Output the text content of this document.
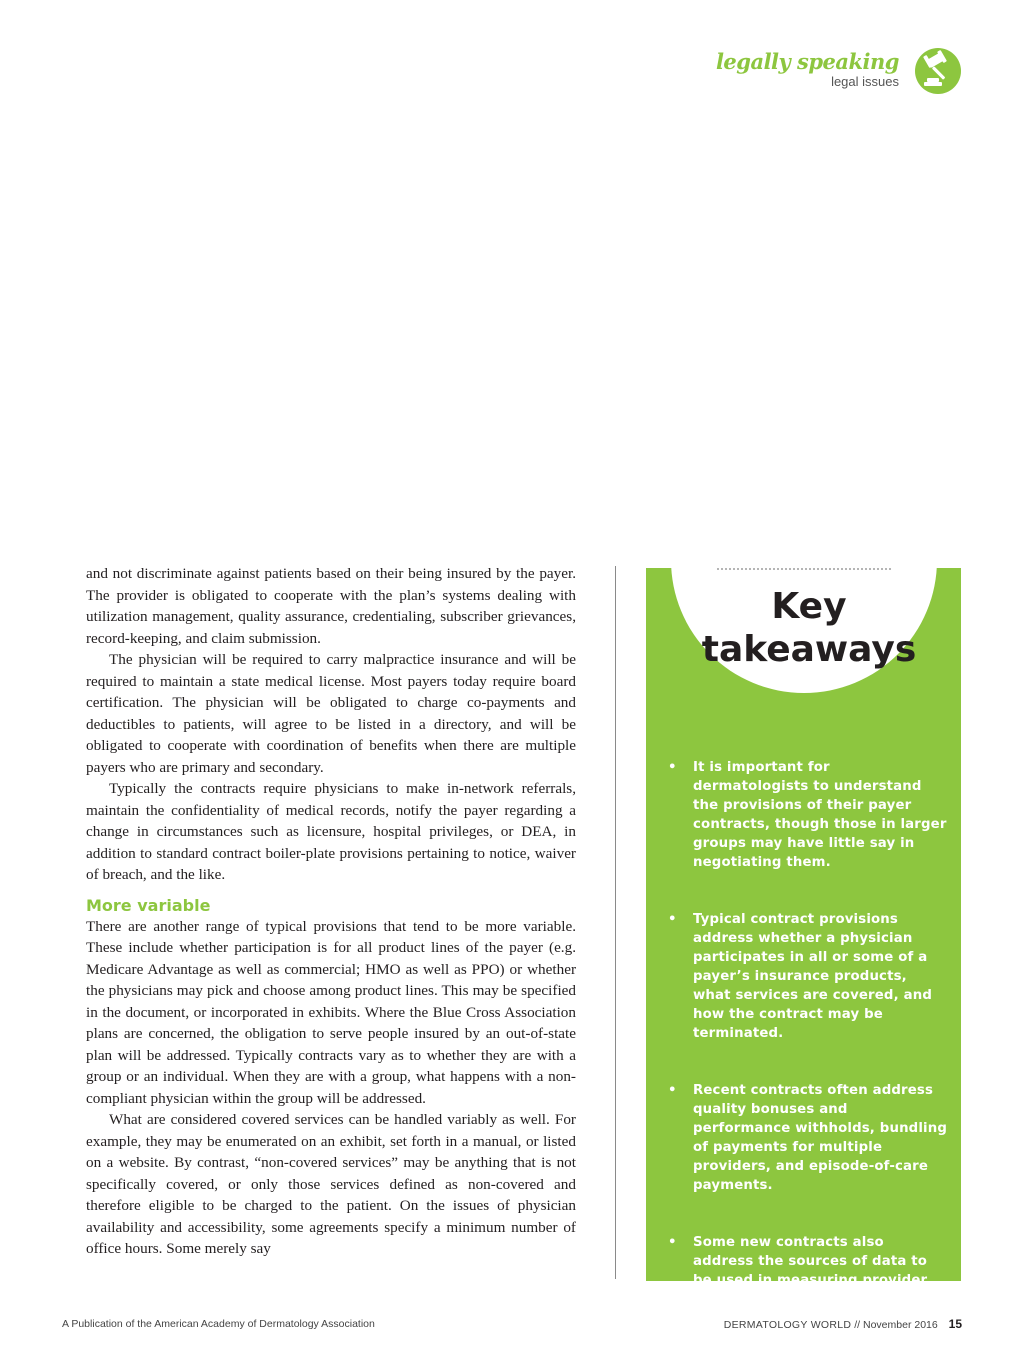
legally speaking
legal issues

and not discriminate against patients based on their being insured by the payer. The provider is obligated to cooperate with the plan’s systems dealing with utilization management, quality assurance, credentialing, subscriber grievances, record-keeping, and claim submission.

The physician will be required to carry malpractice insurance and will be required to maintain a state medical license. Most payers today require board certification. The physician will be obligated to charge co-payments and deductibles to patients, will agree to be listed in a directory, and will be obligated to cooperate with coordination of benefits when there are multiple payers who are primary and secondary.

Typically the contracts require physicians to make in-network referrals, maintain the confidentiality of medical records, notify the payer regarding a change in circumstances such as licensure, hospital privileges, or DEA, in addition to standard contract boiler-plate provisions pertaining to notice, waiver of breach, and the like.

More variable

There are another range of typical provisions that tend to be more variable. These include whether participation is for all product lines of the payer (e.g. Medicare Advantage as well as commercial; HMO as well as PPO) or whether the physicians may pick and choose among product lines. This may be specified in the document, or incorporated in exhibits. Where the Blue Cross Association plans are concerned, the obligation to serve people insured by an out-of-state plan will be addressed. Typically contracts vary as to whether they are with a group or an individual. When they are with a group, what happens with a non-compliant physician within the group will be addressed.

What are considered covered services can be handled variably as well. For example, they may be enumerated on an exhibit, set forth in a manual, or listed on a website. By contrast, “non-covered services” may be anything that is not specifically covered, or only those services defined as non-covered and therefore eligible to be charged to the patient. On the issues of physician availability and accessibility, some agreements specify a minimum number of office hours. Some merely say

Key
takeaways
• It is important for dermatologists to understand the provisions of their payer contracts, though those in larger groups may have little say in negotiating them.
• Typical contract provisions address whether a physician participates in all or some of a payer’s insurance products, what services are covered, and how the contract may be terminated.
• Recent contracts often address quality bonuses and performance withholds, bundling of payments for multiple providers, and episode-of-care payments.
• Some new contracts also address the sources of data to be used in measuring provider performance.
A Publication of the American Academy of Dermatology Association	DERMATOLOGY WORLD // November 2016 15
